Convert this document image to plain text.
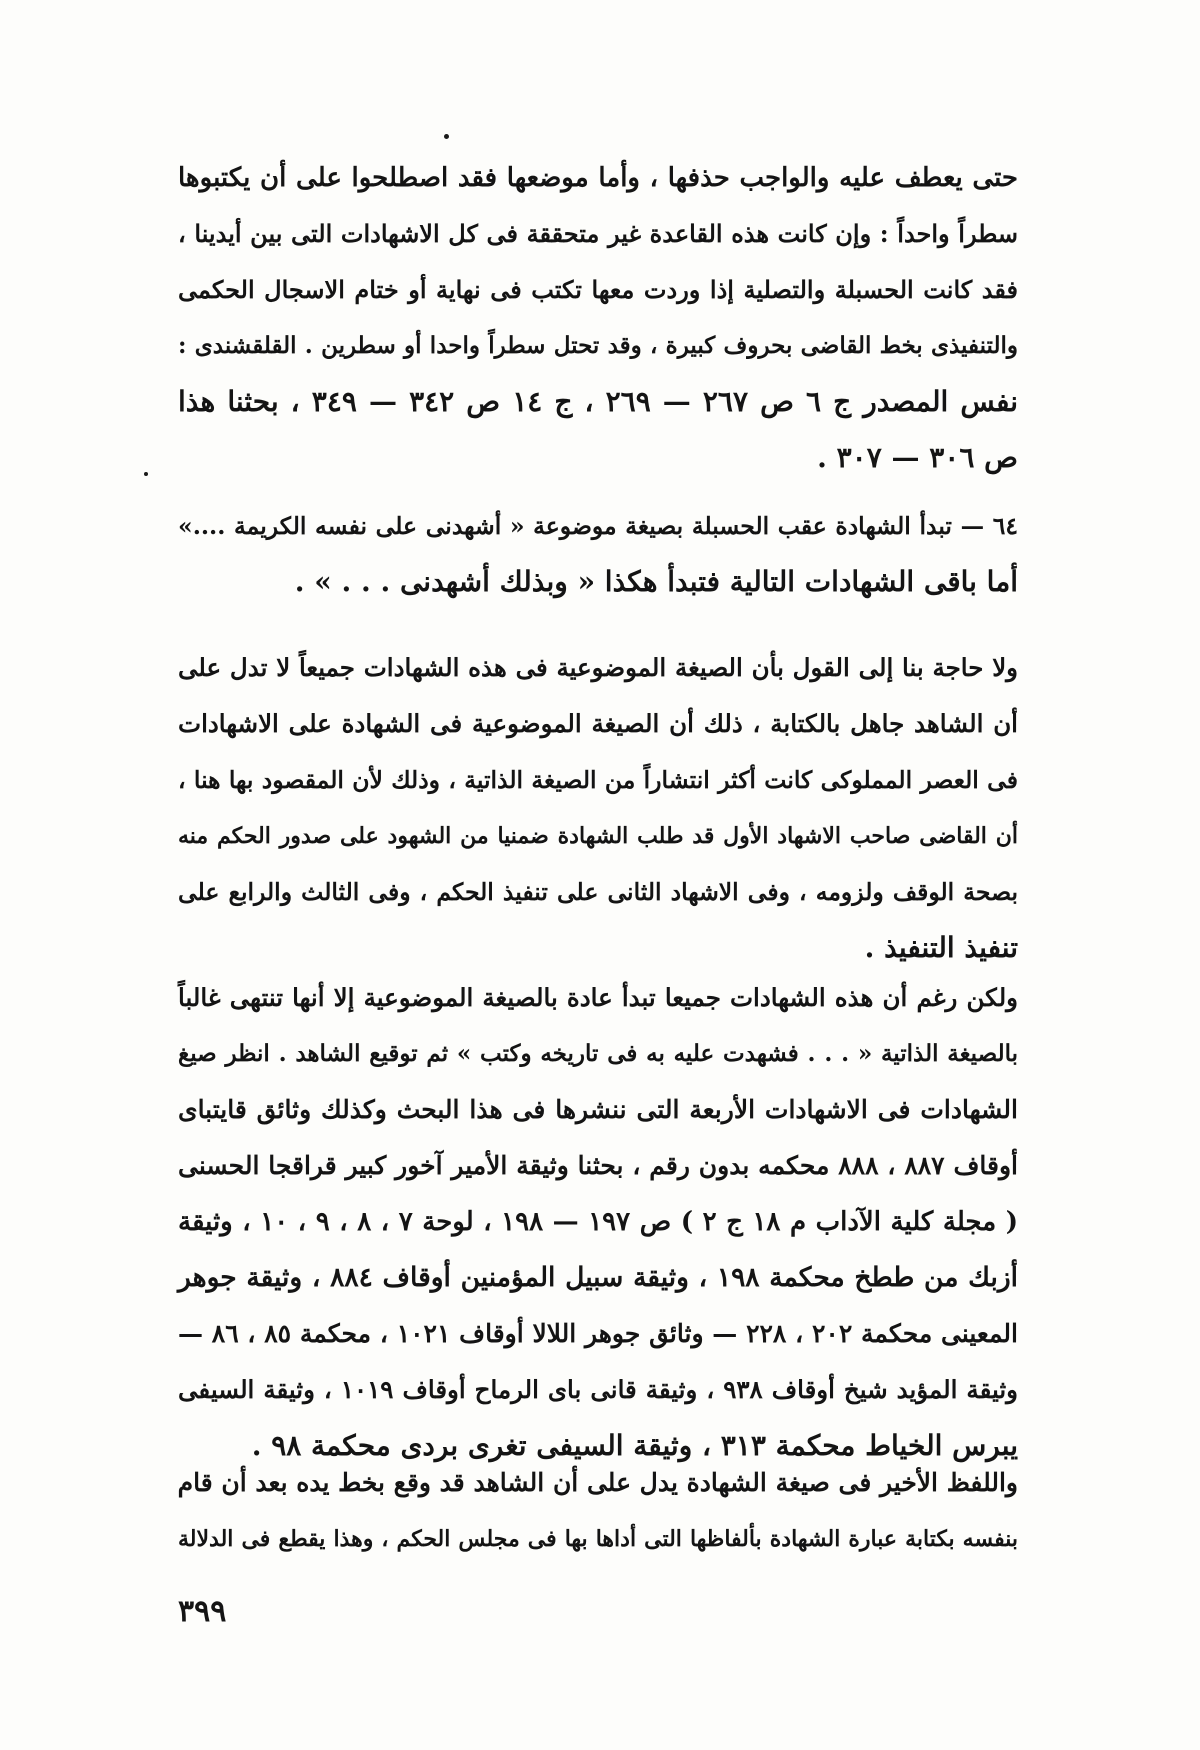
حتى يعطف عليه والواجب حذفها ، وأما موضعها فقد اصطلحوا على أن يكتبوها
سطراً واحداً : وإن كانت هذه القاعدة غير متحققة فى كل الاشهادات التى بين أيدينا ،
فقد كانت الحسبلة والتصلية إذا وردت معها تكتب فى نهاية أو ختام الاسجال الحكمى
والتنفيذى بخط القاضى بحروف كبيرة ، وقد تحتل سطراً واحدا أو سطرين . القلقشندى :
نفس المصدر ج ٦ ص ٢٦٧ — ٢٦٩ ، ج ١٤ ص ٣٤٢ — ٣٤٩ ، بحثنا هذا
ص ٣٠٦ — ٣٠٧ .
٦٤ — تبدأ الشهادة عقب الحسبلة بصيغة موضوعة « أشهدنى على نفسه الكريمة ....»
أما باقى الشهادات التالية فتبدأ هكذا « وبذلك أشهدنى . . . » .
ولا حاجة بنا إلى القول بأن الصيغة الموضوعية فى هذه الشهادات جميعاً لا تدل على
أن الشاهد جاهل بالكتابة ، ذلك أن الصيغة الموضوعية فى الشهادة على الاشهادات
فى العصر المملوكى كانت أكثر انتشاراً من الصيغة الذاتية ، وذلك لأن المقصود بها هنا ،
أن القاضى صاحب الاشهاد الأول قد طلب الشهادة ضمنيا من الشهود على صدور الحكم منه
بصحة الوقف ولزومه ، وفى الاشهاد الثانى على تنفيذ الحكم ، وفى الثالث والرابع على
تنفيذ التنفيذ .
ولكن رغم أن هذه الشهادات جميعا تبدأ عادة بالصيغة الموضوعية إلا أنها تنتهى غالباً
بالصيغة الذاتية « . . . فشهدت عليه به فى تاريخه وكتب » ثم توقيع الشاهد . انظر صيغ
الشهادات فى الاشهادات الأربعة التى ننشرها فى هذا البحث وكذلك وثائق قايتباى
أوقاف ٨٨٧ ، ٨٨٨ محكمه بدون رقم ، بحثنا وثيقة الأمير آخور كبير قراقجا الحسنى
( مجلة كلية الآداب م ١٨ ج ٢ ) ص ١٩٧ — ١٩٨ ، لوحة ٧ ، ٨ ، ٩ ، ١٠ ، وثيقة
أزبك من ططخ محكمة ١٩٨ ، وثيقة سبيل المؤمنين أوقاف ٨٨٤ ، وثيقة جوهر
المعينى محكمة ٢٠٢ ، ٢٢٨ — وثائق جوهر اللالا أوقاف ١٠٢١ ، محكمة ٨٥ ، ٨٦ —
وثيقة المؤيد شيخ أوقاف ٩٣٨ ، وثيقة قانى باى الرماح أوقاف ١٠١٩ ، وثيقة السيفى
يبرس الخياط محكمة ٣١٣ ، وثيقة السيفى تغرى بردى محكمة ٩٨ .
واللفظ الأخير فى صيغة الشهادة يدل على أن الشاهد قد وقع بخط يده بعد أن قام
بنفسه بكتابة عبارة الشهادة بألفاظها التى أداها بها فى مجلس الحكم ، وهذا يقطع فى الدلالة
٣٩٩
